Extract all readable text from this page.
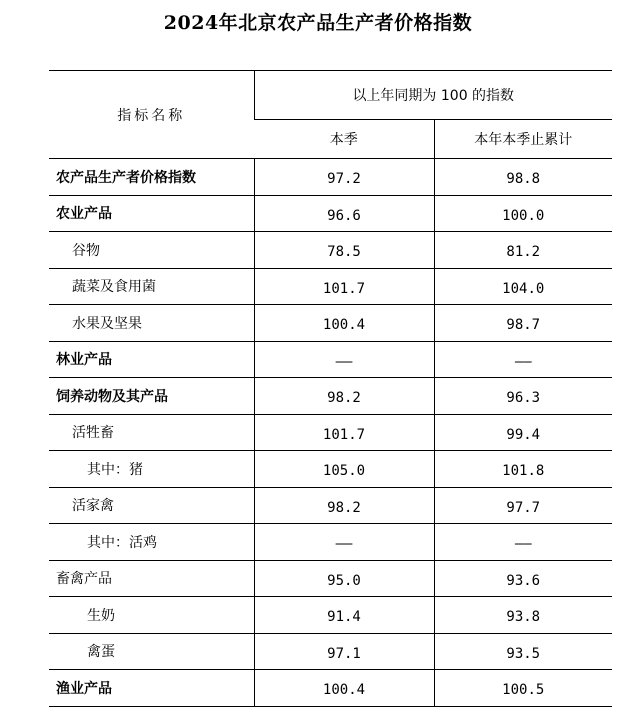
2024年北京农产品生产者价格指数
指标名称	以上年同期为 100 的指数	
	本季	本年本季止累计
农产品生产者价格指数	97.2	98.8
农业产品	96.6	100.0
谷物	78.5	81.2
蔬菜及食用菌	101.7	104.0
水果及坚果	100.4	98.7
林业产品	——	——
饲养动物及其产品	98.2	96.3
活牲畜	101.7	99.4
其中：猪	105.0	101.8
活家禽	98.2	97.7
其中：活鸡	——	——
畜禽产品	95.0	93.6
生奶	91.4	93.8
禽蛋	97.1	93.5
渔业产品	100.4	100.5
